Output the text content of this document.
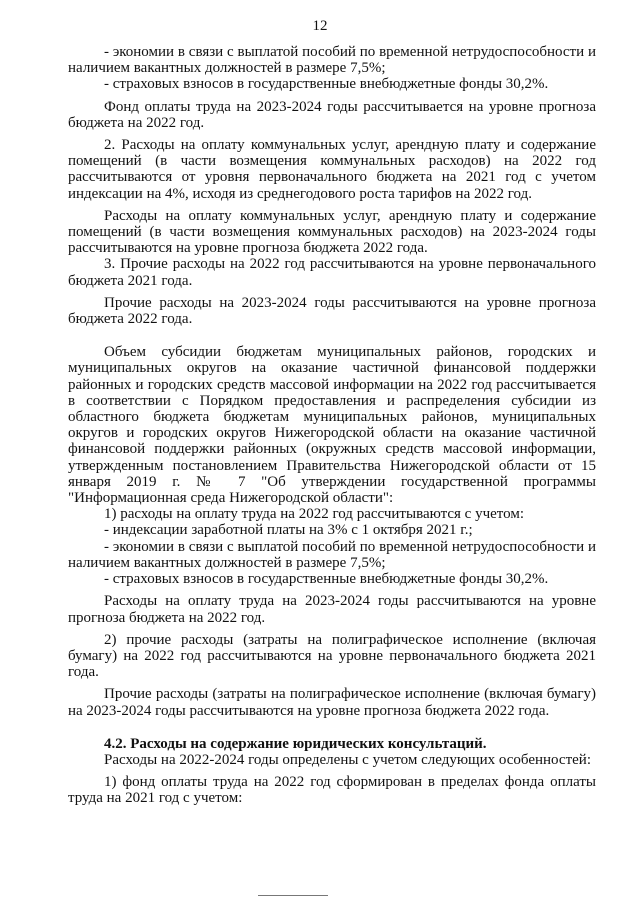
12

- экономии в связи с выплатой пособий по временной нетрудоспособности и наличием вакантных должностей в размере 7,5%;

- страховых взносов в государственные внебюджетные фонды 30,2%.

Фонд оплаты труда на 2023-2024 годы рассчитывается на уровне прогноза бюджета на 2022 год.

2. Расходы на оплату коммунальных услуг, арендную плату и содержание помещений (в части возмещения коммунальных расходов) на 2022 год рассчитываются от уровня первоначального бюджета на 2021 год с учетом индексации на 4%, исходя из среднегодового роста тарифов на 2022 год.

Расходы на оплату коммунальных услуг, арендную плату и содержание помещений (в части возмещения коммунальных расходов) на 2023-2024 годы рассчитываются на уровне прогноза бюджета 2022 года.

3. Прочие расходы на 2022 год рассчитываются на уровне первоначального бюджета 2021 года.

Прочие расходы на 2023-2024 годы рассчитываются на уровне прогноза бюджета 2022 года.

Объем субсидии бюджетам муниципальных районов, городских и муниципальных округов на оказание частичной финансовой поддержки районных и городских средств массовой информации на 2022 год рассчитывается в соответствии с Порядком предоставления и распределения субсидии из областного бюджета бюджетам муниципальных районов, муниципальных округов и городских округов Нижегородской области на оказание частичной финансовой поддержки районных (окружных средств массовой информации, утвержденным постановлением Правительства Нижегородской области от 15 января 2019 г. № 7 "Об утверждении государственной программы "Информационная среда Нижегородской области":

1) расходы на оплату труда на 2022 год рассчитываются с учетом:

- индексации заработной платы на 3% с 1 октября 2021 г.;

- экономии в связи с выплатой пособий по временной нетрудоспособности и наличием вакантных должностей в размере 7,5%;

- страховых взносов в государственные внебюджетные фонды 30,2%.

Расходы на оплату труда на 2023-2024 годы рассчитываются на уровне прогноза бюджета на 2022 год.

2) прочие расходы (затраты на полиграфическое исполнение (включая бумагу) на 2022 год рассчитываются на уровне первоначального бюджета 2021 года.

Прочие расходы (затраты на полиграфическое исполнение (включая бумагу) на 2023-2024 годы рассчитываются на уровне прогноза бюджета 2022 года.

4.2. Расходы на содержание юридических консультаций.

Расходы на 2022-2024 годы определены с учетом следующих особенностей:

1) фонд оплаты труда на 2022 год сформирован в пределах фонда оплаты труда на 2021 год с учетом:
